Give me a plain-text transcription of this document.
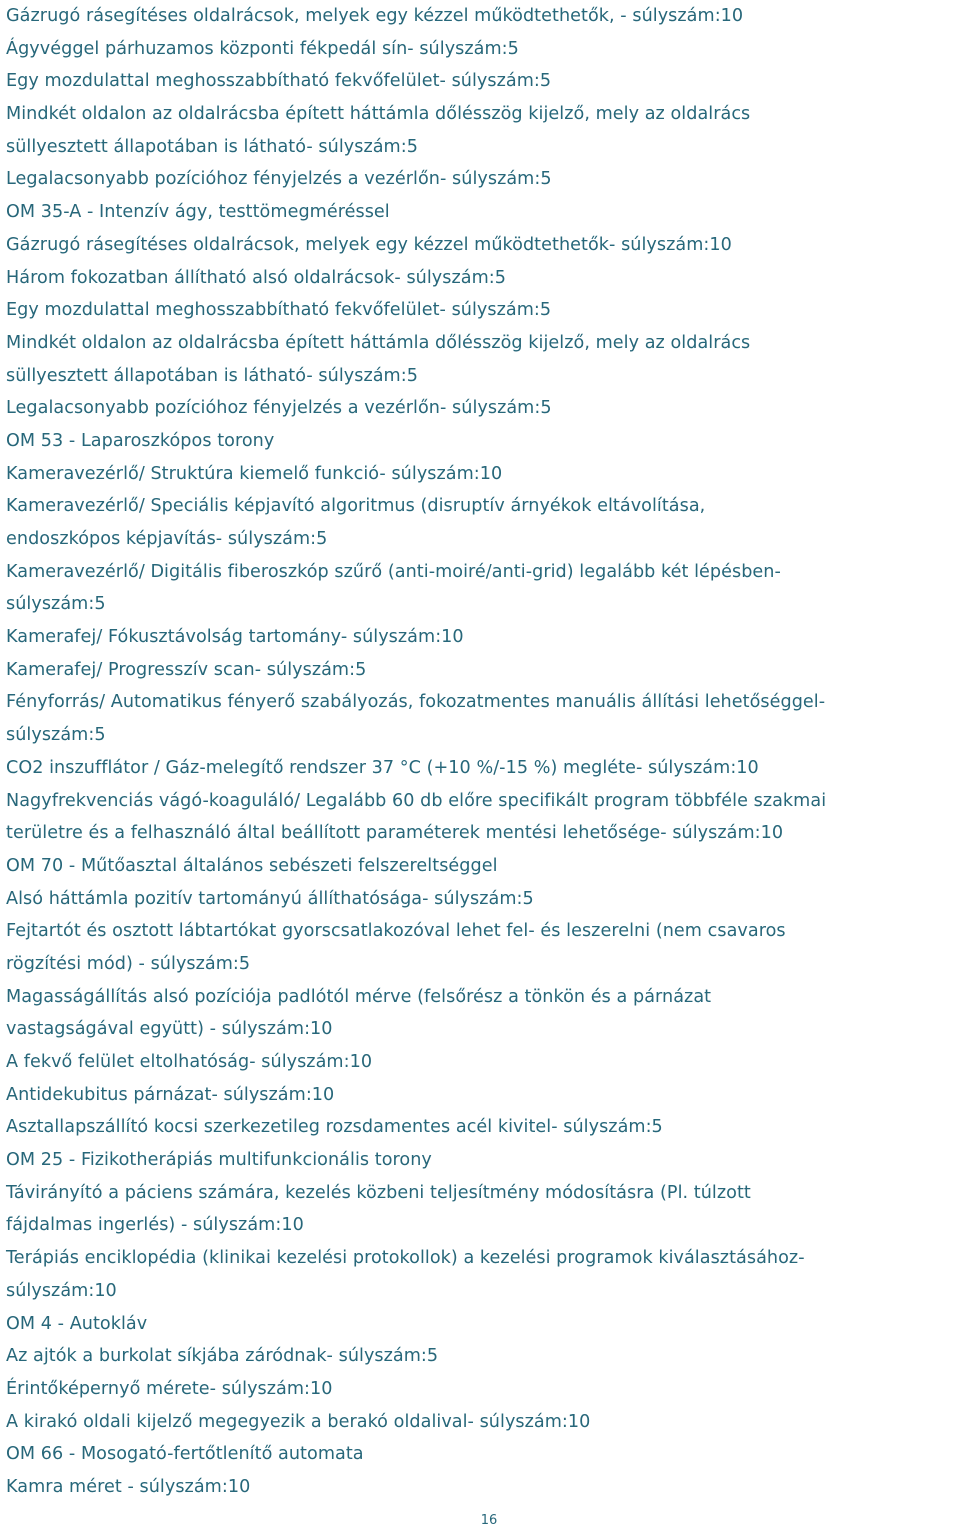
Gázrugó rásegítéses oldalrácsok, melyek egy kézzel működtethetők, - súlyszám:10
Ágyvéggel párhuzamos központi fékpedál sín- súlyszám:5
Egy mozdulattal meghosszabbítható fekvőfelület- súlyszám:5
Mindkét oldalon az oldalrácsba épített háttámla dőlésszög kijelző, mely az oldalrács
süllyesztett állapotában is látható- súlyszám:5
Legalacsonyabb pozícióhoz fényjelzés a vezérlőn- súlyszám:5
OM 35-A - Intenzív ágy, testtömegméréssel
Gázrugó rásegítéses oldalrácsok, melyek egy kézzel működtethetők- súlyszám:10
Három fokozatban állítható alsó oldalrácsok- súlyszám:5
Egy mozdulattal meghosszabbítható fekvőfelület- súlyszám:5
Mindkét oldalon az oldalrácsba épített háttámla dőlésszög kijelző, mely az oldalrács
süllyesztett állapotában is látható- súlyszám:5
Legalacsonyabb pozícióhoz fényjelzés a vezérlőn- súlyszám:5
OM 53 - Laparoszkópos torony
Kameravezérlő/ Struktúra kiemelő funkció- súlyszám:10
Kameravezérlő/ Speciális képjavító algoritmus (disruptív árnyékok eltávolítása,
endoszkópos képjavítás- súlyszám:5
Kameravezérlő/ Digitális fiberoszkóp szűrő (anti-moiré/anti-grid) legalább két lépésben-
súlyszám:5
Kamerafej/ Fókusztávolság tartomány- súlyszám:10
Kamerafej/ Progresszív scan- súlyszám:5
Fényforrás/ Automatikus fényerő szabályozás, fokozatmentes manuális állítási lehetőséggel-
súlyszám:5
CO2 inszufflátor / Gáz-melegítő rendszer 37 °C (+10 %/-15 %) megléte- súlyszám:10
Nagyfrekvenciás vágó-koaguláló/ Legalább 60 db előre specifikált program többféle szakmai
területre és a felhasználó által beállított paraméterek mentési lehetősége- súlyszám:10
OM 70 - Műtőasztal általános sebészeti felszereltséggel
Alsó háttámla pozitív tartományú állíthatósága- súlyszám:5
Fejtartót és osztott lábtartókat gyorscsatlakozóval lehet fel- és leszerelni (nem csavaros
rögzítési mód) - súlyszám:5
Magasságállítás alsó pozíciója padlótól mérve (felsőrész a tönkön és a párnázat
vastagságával együtt) - súlyszám:10
A fekvő felület eltolhatóság- súlyszám:10
Antidekubitus párnázat- súlyszám:10
Asztallapszállító kocsi szerkezetileg rozsdamentes acél kivitel- súlyszám:5
OM 25 - Fizikotherápiás multifunkcionális torony
Távirányító a páciens számára, kezelés közbeni teljesítmény módosításra (Pl. túlzott
fájdalmas ingerlés) - súlyszám:10
Terápiás enciklopédia (klinikai kezelési protokollok) a kezelési programok kiválasztásához-
súlyszám:10
OM 4 - Autokláv
Az ajtók a burkolat síkjába záródnak- súlyszám:5
Érintőképernyő mérete- súlyszám:10
A kirakó oldali kijelző megegyezik a berakó oldalival- súlyszám:10
OM 66 - Mosogató-fertőtlenítő automata
Kamra méret - súlyszám:10
16
